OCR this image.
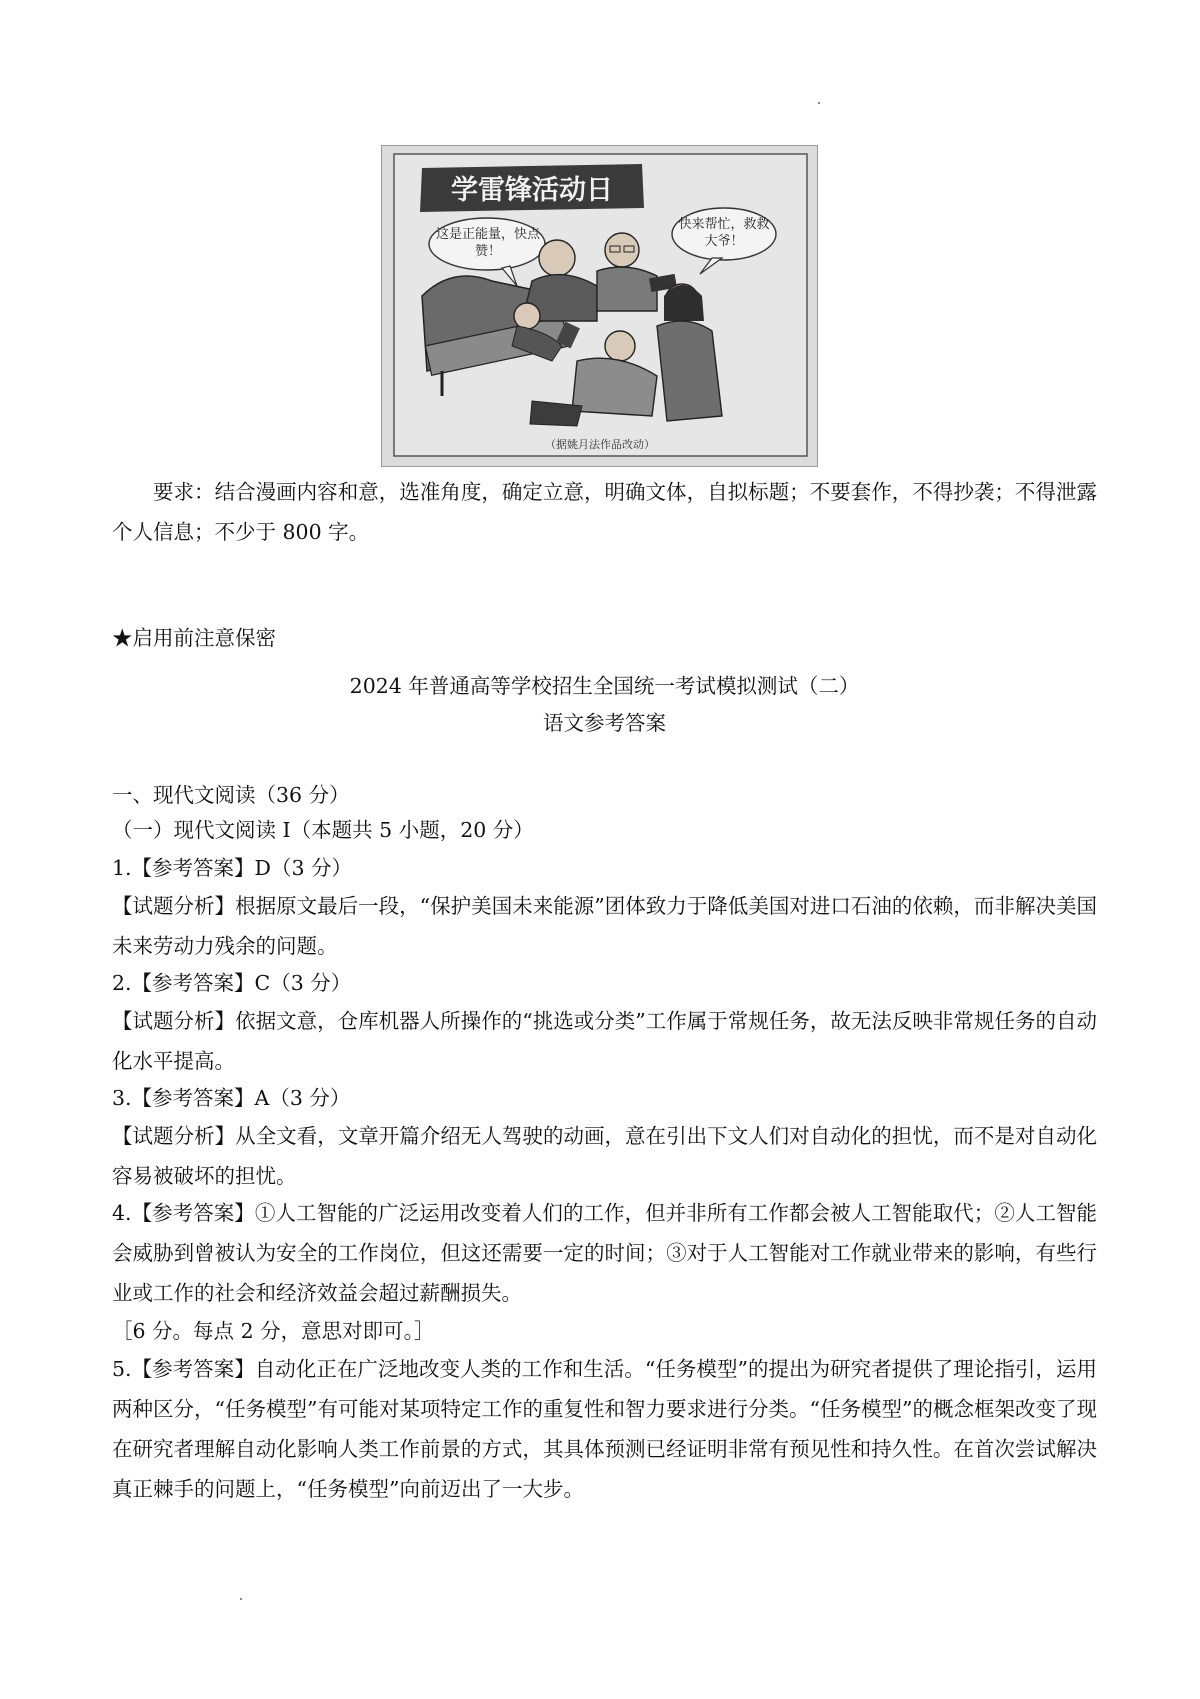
学雷锋活动日
这是正能量，快点赞！
快来帮忙，救救大爷！
（据姚月法作品改动）

要求：结合漫画内容和意，选准角度，确定立意，明确文体，自拟标题；不要套作，不得抄袭；不得泄露个人信息；不少于 800 字。

★启用前注意保密

2024 年普通高等学校招生全国统一考试模拟测试（二）

语文参考答案

一、现代文阅读（36 分）

（一）现代文阅读 I（本题共 5 小题，20 分）

1.【参考答案】D（3 分）

【试题分析】根据原文最后一段，“保护美国未来能源”团体致力于降低美国对进口石油的依赖，而非解决美国未来劳动力残余的问题。

2.【参考答案】C（3 分）

【试题分析】依据文意，仓库机器人所操作的“挑选或分类”工作属于常规任务，故无法反映非常规任务的自动化水平提高。

3.【参考答案】A（3 分）

【试题分析】从全文看，文章开篇介绍无人驾驶的动画，意在引出下文人们对自动化的担忧，而不是对自动化容易被破坏的担忧。

4.【参考答案】①人工智能的广泛运用改变着人们的工作，但并非所有工作都会被人工智能取代；②人工智能会威胁到曾被认为安全的工作岗位，但这还需要一定的时间；③对于人工智能对工作就业带来的影响，有些行业或工作的社会和经济效益会超过薪酬损失。

［6 分。每点 2 分，意思对即可。］

5.【参考答案】自动化正在广泛地改变人类的工作和生活。“任务模型”的提出为研究者提供了理论指引，运用两种区分，“任务模型”有可能对某项特定工作的重复性和智力要求进行分类。“任务模型”的概念框架改变了现在研究者理解自动化影响人类工作前景的方式，其具体预测已经证明非常有预见性和持久性。在首次尝试解决真正棘手的问题上，“任务模型”向前迈出了一大步。
